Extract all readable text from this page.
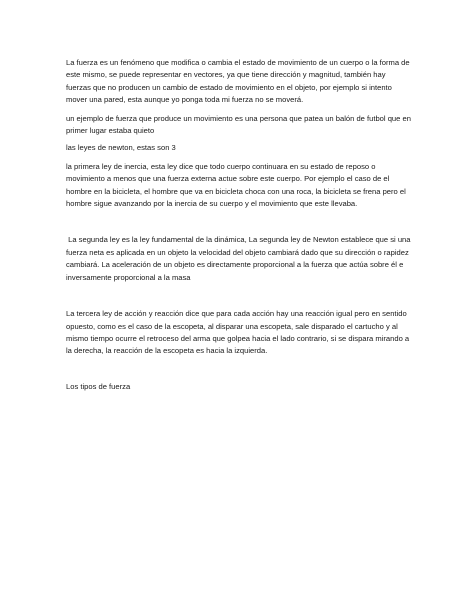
La fuerza es un fenómeno que modifica o cambia el estado de movimiento de un cuerpo o la forma de este mismo, se puede representar en vectores, ya que tiene dirección y magnitud, también hay fuerzas que no producen un cambio de estado de movimiento en el objeto, por ejemplo si intento mover una pared, esta aunque yo ponga toda mi fuerza no se moverá.

un ejemplo de fuerza que produce un movimiento es una persona que patea un balón de futbol que en primer lugar estaba quieto

las leyes de newton, estas son 3

la primera ley de inercia, esta ley dice que todo cuerpo continuara en su estado de reposo o movimiento a menos que una fuerza externa actue sobre este cuerpo. Por ejemplo el caso de el hombre en la bicicleta, el hombre que va en bicicleta choca con una roca, la bicicleta se frena pero el hombre sigue avanzando por la inercia de su cuerpo y el movimiento que este llevaba.

La segunda ley es la ley fundamental de la dinámica, La segunda ley de Newton establece que si una fuerza neta es aplicada en un objeto la velocidad del objeto cambiará dado que su dirección o rapidez cambiará. La aceleración de un objeto es directamente proporcional a la fuerza que actúa sobre él e inversamente proporcional a la masa

La tercera ley de acción y reacción dice que para cada acción hay una reacción igual pero en sentido opuesto, como es el caso de la escopeta, al disparar una escopeta, sale disparado el cartucho y al mismo tiempo ocurre el retroceso del arma que golpea hacia el lado contrario, si se dispara mirando a la derecha, la reacción de la escopeta es hacia la izquierda.

Los tipos de fuerza
